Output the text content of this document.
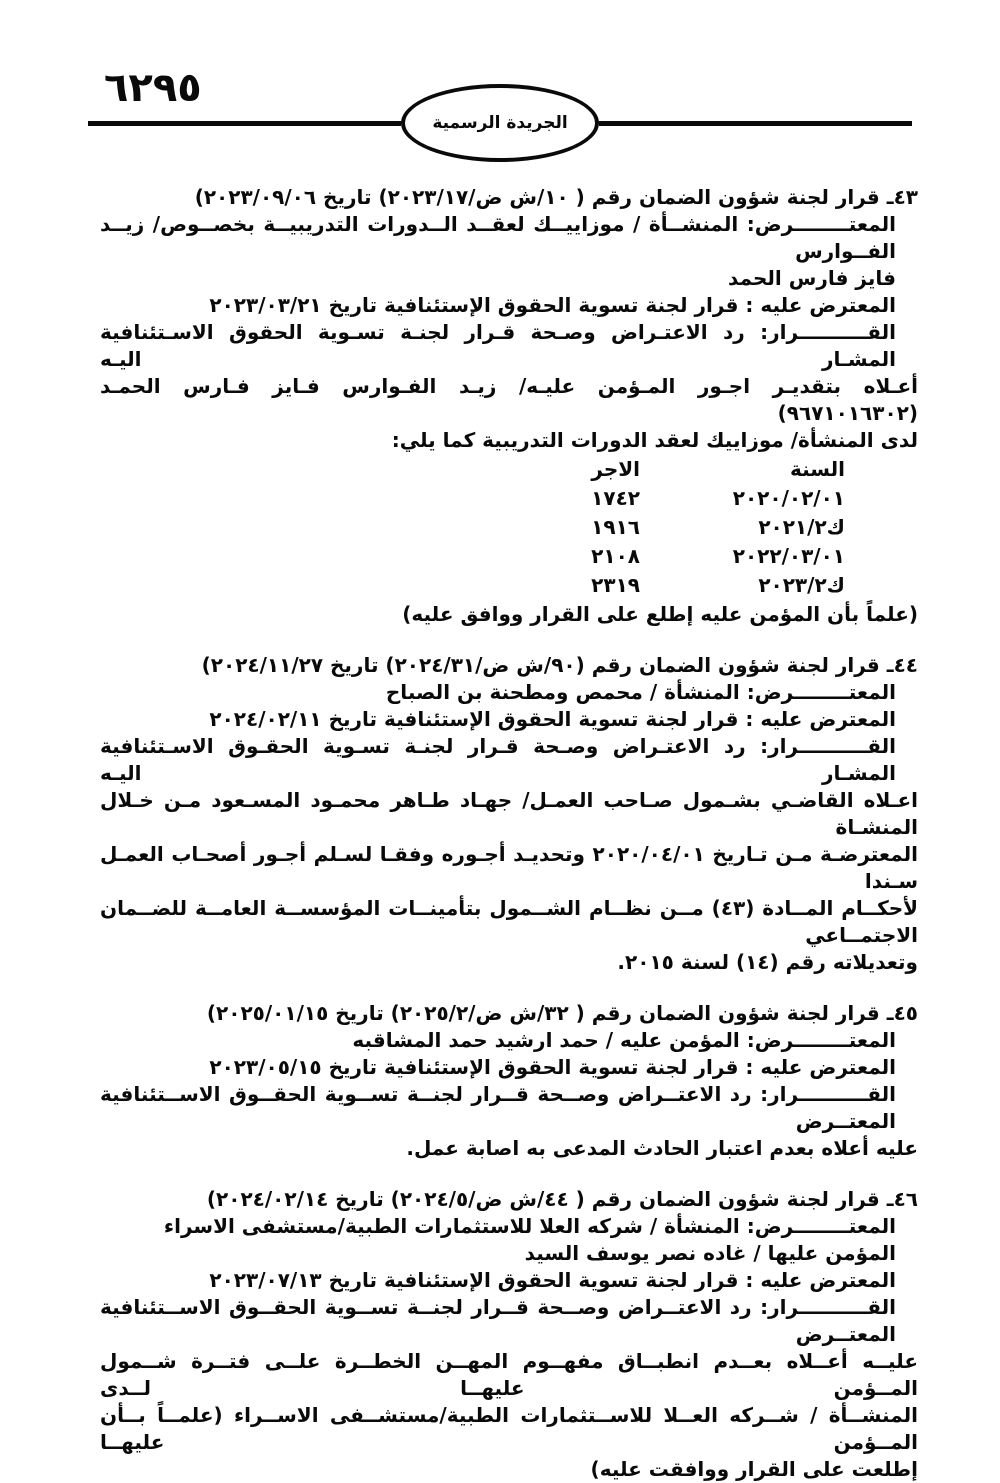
٦٢٩٥
الجريدة الرسمية
٤٣ـ قرار لجنة شؤون الضمان رقم ( ١٠/ش ض/٢٠٢٣/١٧) تاريخ ٢٠٢٣/٠٩/٠٦)
المعتــــــــرض: المنشــأة / موزاييــك لعقــد الــدورات التدريبيــة بخصــوص/ زيــد الفــوارس
فايز فارس الحمد
المعترض عليه : قرار لجنة تسوية الحقوق الإستئنافية تاريخ ٢٠٢٣/٠٣/٢١
القــــــــــرار: رد الاعتـراض وصـحة قـرار لجنـة تسـوية الحقوق الاسـتئنافية المشـار اليـه
أعـلاه بتقديـر اجـور المـؤمن عليـه/ زيـد الفـوارس فـايز فـارس الحمـد (٩٦٧١٠١٦٣٠٢)
لدى المنشأة/ موزاييك لعقد الدورات التدريبية كما يلي:
السنة
الاجر
٢٠٢٠/٠٢/٠١
١٧٤٢
ك٢٠٢١/٢
١٩١٦
٢٠٢٢/٠٣/٠١
٢١٠٨
ك٢٠٢٣/٢
٢٣١٩
(علماً بأن المؤمن عليه إطلع على القرار ووافق عليه)
٤٤ـ قرار لجنة شؤون الضمان رقم (٩٠/ش ض/٢٠٢٤/٣١) تاريخ ٢٠٢٤/١١/٢٧)
المعتــــــــرض: المنشأة / محمص ومطحنة بن الصباح
المعترض عليه : قرار لجنة تسوية الحقوق الإستئنافية تاريخ ٢٠٢٤/٠٢/١١
القــــــــــرار: رد الاعتـراض وصـحة قـرار لجنـة تسـوية الحقـوق الاسـتئنافية المشـار اليـه
اعـلاه القاضـي بشـمول صـاحب العمـل/ جهـاد طـاهر محمـود المسـعود مـن خـلال المنشـاة
المعترضـة مـن تـاريخ ٢٠٢٠/٠٤/٠١ وتحديـد أجـوره وفقـا لسـلم أجـور أصحـاب العمـل سـندا
لأحكــام المــادة (٤٣) مــن نظــام الشــمول بتأمينــات المؤسســة العامــة للضــمان الاجتمــاعي
وتعديلاته رقم (١٤) لسنة ٢٠١٥.
٤٥ـ قرار لجنة شؤون الضمان رقم ( ٣٢/ش ض/٢٠٢٥/٢) تاريخ ٢٠٢٥/٠١/١٥)
المعتــــــــرض: المؤمن عليه / حمد ارشيد حمد المشاقبه
المعترض عليه : قرار لجنة تسوية الحقوق الإستئنافية تاريخ ٢٠٢٣/٠٥/١٥
القــــــــــرار: رد الاعتــراض وصــحة قــرار لجنــة تســوية الحقــوق الاســتئنافية المعتــرض
عليه أعلاه بعدم اعتبار الحادث المدعى به اصابة عمل.
٤٦ـ قرار لجنة شؤون الضمان رقم ( ٤٤/ش ض/٢٠٢٤/٥) تاريخ ٢٠٢٤/٠٢/١٤)
المعتــــــــرض: المنشأة / شركه العلا للاستثمارات الطبية/مستشفى الاسراء
المؤمن عليها / غاده نصر يوسف السيد
المعترض عليه : قرار لجنة تسوية الحقوق الإستئنافية تاريخ ٢٠٢٣/٠٧/١٣
القــــــــــرار: رد الاعتــراض وصــحة قــرار لجنــة تســوية الحقــوق الاســتئنافية المعتــرض
عليــه أعــلاه بعــدم انطبــاق مفهــوم المهــن الخطــرة علــى فتــرة شــمول المــؤمن عليهــا لــدى
المنشــأة / شــركه العــلا للاســتثمارات الطبية/مستشــفى الاســراء (علمــاً بــأن المــؤمن عليهــا
إطلعت على القرار ووافقت عليه)
